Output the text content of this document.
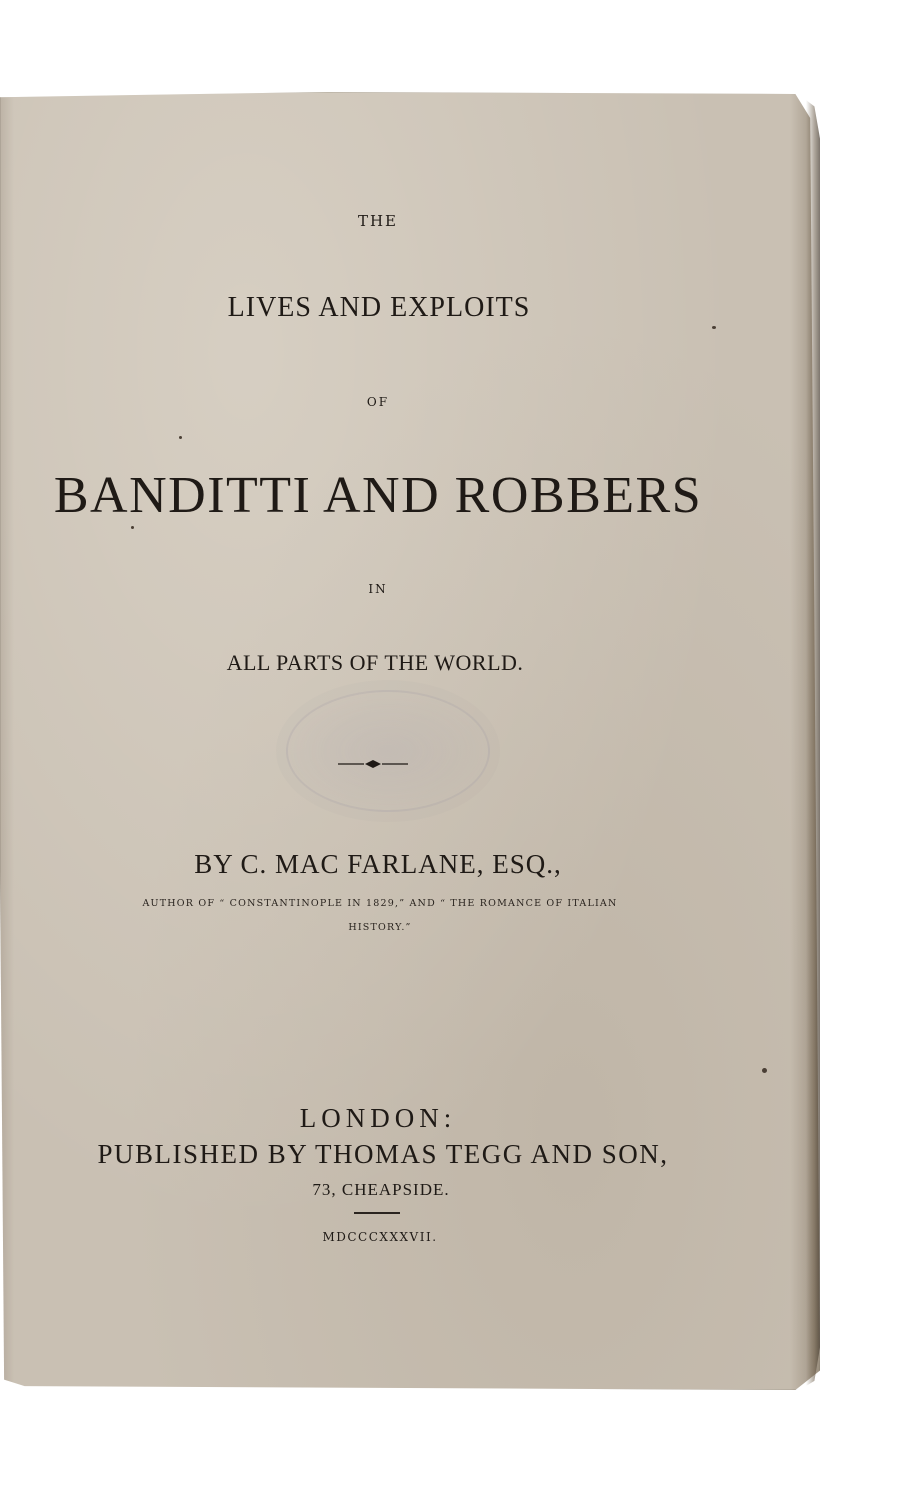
THE
LIVES AND EXPLOITS
OF
BANDITTI AND ROBBERS
IN
ALL PARTS OF THE WORLD.
BY C. MAC FARLANE, ESQ.,
AUTHOR OF “ CONSTANTINOPLE IN 1829,” AND “ THE ROMANCE OF ITALIAN HISTORY.”
LONDON:
PUBLISHED BY THOMAS TEGG AND SON,
73, CHEAPSIDE.
MDCCCXXXVII.
